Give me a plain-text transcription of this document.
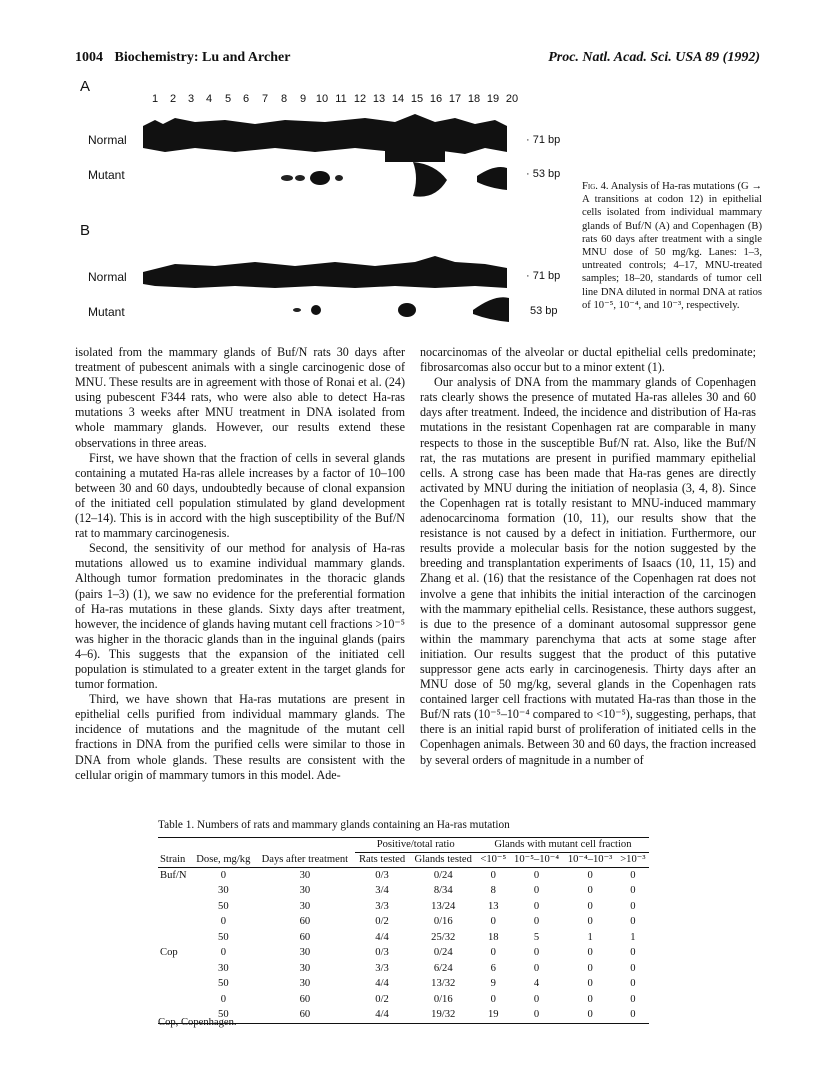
1004 Biochemistry: Lu and Archer	Proc. Natl. Acad. Sci. USA 89 (1992)
A
B
1	2	3	4	5	6	7	8	9 10 11 12 13 14 15 16 17 18 19 20
Normal
Mutant
Normal
Mutant
· 71 bp
· 53 bp
· 71 bp
53 bp
Fig. 4. Analysis of Ha-ras mutations (G → A transitions at codon 12) in epithelial cells isolated from individual mammary glands of Buf/N (A) and Copenhagen (B) rats 60 days after treatment with a single MNU dose of 50 mg/kg. Lanes: 1–3, untreated controls; 4–17, MNU-treated samples; 18–20, standards of tumor cell line DNA diluted in normal DNA at ratios of 10⁻⁵, 10⁻⁴, and 10⁻³, respectively.

isolated from the mammary glands of Buf/N rats 30 days after treatment of pubescent animals with a single carcinogenic dose of MNU. These results are in agreement with those of Ronai et al. (24) using pubescent F344 rats, who were also able to detect Ha-ras mutations 3 weeks after MNU treatment in DNA isolated from whole mammary glands. However, our results extend these observations in three areas.

First, we have shown that the fraction of cells in several glands containing a mutated Ha-ras allele increases by a factor of 10–100 between 30 and 60 days, undoubtedly because of clonal expansion of the initiated cell population stimulated by gland development (12–14). This is in accord with the high susceptibility of the Buf/N rat to mammary carcinogenesis.

Second, the sensitivity of our method for analysis of Ha-ras mutations allowed us to examine individual mammary glands. Although tumor formation predominates in the thoracic glands (pairs 1–3) (1), we saw no evidence for the preferential formation of Ha-ras mutations in these glands. Sixty days after treatment, however, the incidence of glands having mutant cell fractions >10⁻⁵ was higher in the thoracic glands than in the inguinal glands (pairs 4–6). This suggests that the expansion of the initiated cell population is stimulated to a greater extent in the target glands for tumor formation.

Third, we have shown that Ha-ras mutations are present in epithelial cells purified from individual mammary glands. The incidence of mutations and the magnitude of the mutant cell fractions in DNA from the purified cells were similar to those in DNA from whole glands. These results are consistent with the cellular origin of mammary tumors in this model. Ade-

nocarcinomas of the alveolar or ductal epithelial cells predominate; fibrosarcomas also occur but to a minor extent (1).

Our analysis of DNA from the mammary glands of Copenhagen rats clearly shows the presence of mutated Ha-ras alleles 30 and 60 days after treatment. Indeed, the incidence and distribution of Ha-ras mutations in the resistant Copenhagen rat are comparable in many respects to those in the susceptible Buf/N rat. Also, like the Buf/N rat, the ras mutations are present in purified mammary epithelial cells. A strong case has been made that Ha-ras genes are directly activated by MNU during the initiation of neoplasia (3, 4, 8). Since the Copenhagen rat is totally resistant to MNU-induced mammary adenocarcinoma formation (10, 11), our results show that the resistance is not caused by a defect in initiation. Furthermore, our results provide a molecular basis for the notion suggested by the breeding and transplantation experiments of Isaacs (10, 11, 15) and Zhang et al. (16) that the resistance of the Copenhagen rat does not involve a gene that inhibits the initial interaction of the carcinogen with the mammary epithelial cells. Resistance, these authors suggest, is due to the presence of a dominant autosomal suppressor gene within the mammary parenchyma that acts at some stage after initiation. Our results suggest that the product of this putative suppressor gene acts early in carcinogenesis. Thirty days after an MNU dose of 50 mg/kg, several glands in the Copenhagen rats contained larger cell fractions with mutated Ha-ras than those in the Buf/N rats (10⁻⁵–10⁻⁴ compared to <10⁻⁵), suggesting, perhaps, that there is an initial rapid burst of proliferation of initiated cells in the Copenhagen animals. Between 30 and 60 days, the fraction increased by several orders of magnitude in a number of

Table 1. Numbers of rats and mammary glands containing an Ha-ras mutation
Strain	Dose, mg/kg	Days after treatment	Positive/total ratio		Glands with mutant cell fraction			
			Rats tested	Glands tested	<10⁻⁵	10⁻⁵–10⁻⁴	10⁻⁴–10⁻³	>10⁻³
Buf/N	0	30	0/3	0/24	0	0	0	0
	30	30	3/4	8/34	8	0	0	0
	50	30	3/3	13/24	13	0	0	0
	0	60	0/2	0/16	0	0	0	0
	50	60	4/4	25/32	18	5	1	1
Cop	0	30	0/3	0/24	0	0	0	0
	30	30	3/3	6/24	6	0	0	0
	50	30	4/4	13/32	9	4	0	0
	0	60	0/2	0/16	0	0	0	0
	50	60	4/4	19/32	19	0	0	0
Cop, Copenhagen.
